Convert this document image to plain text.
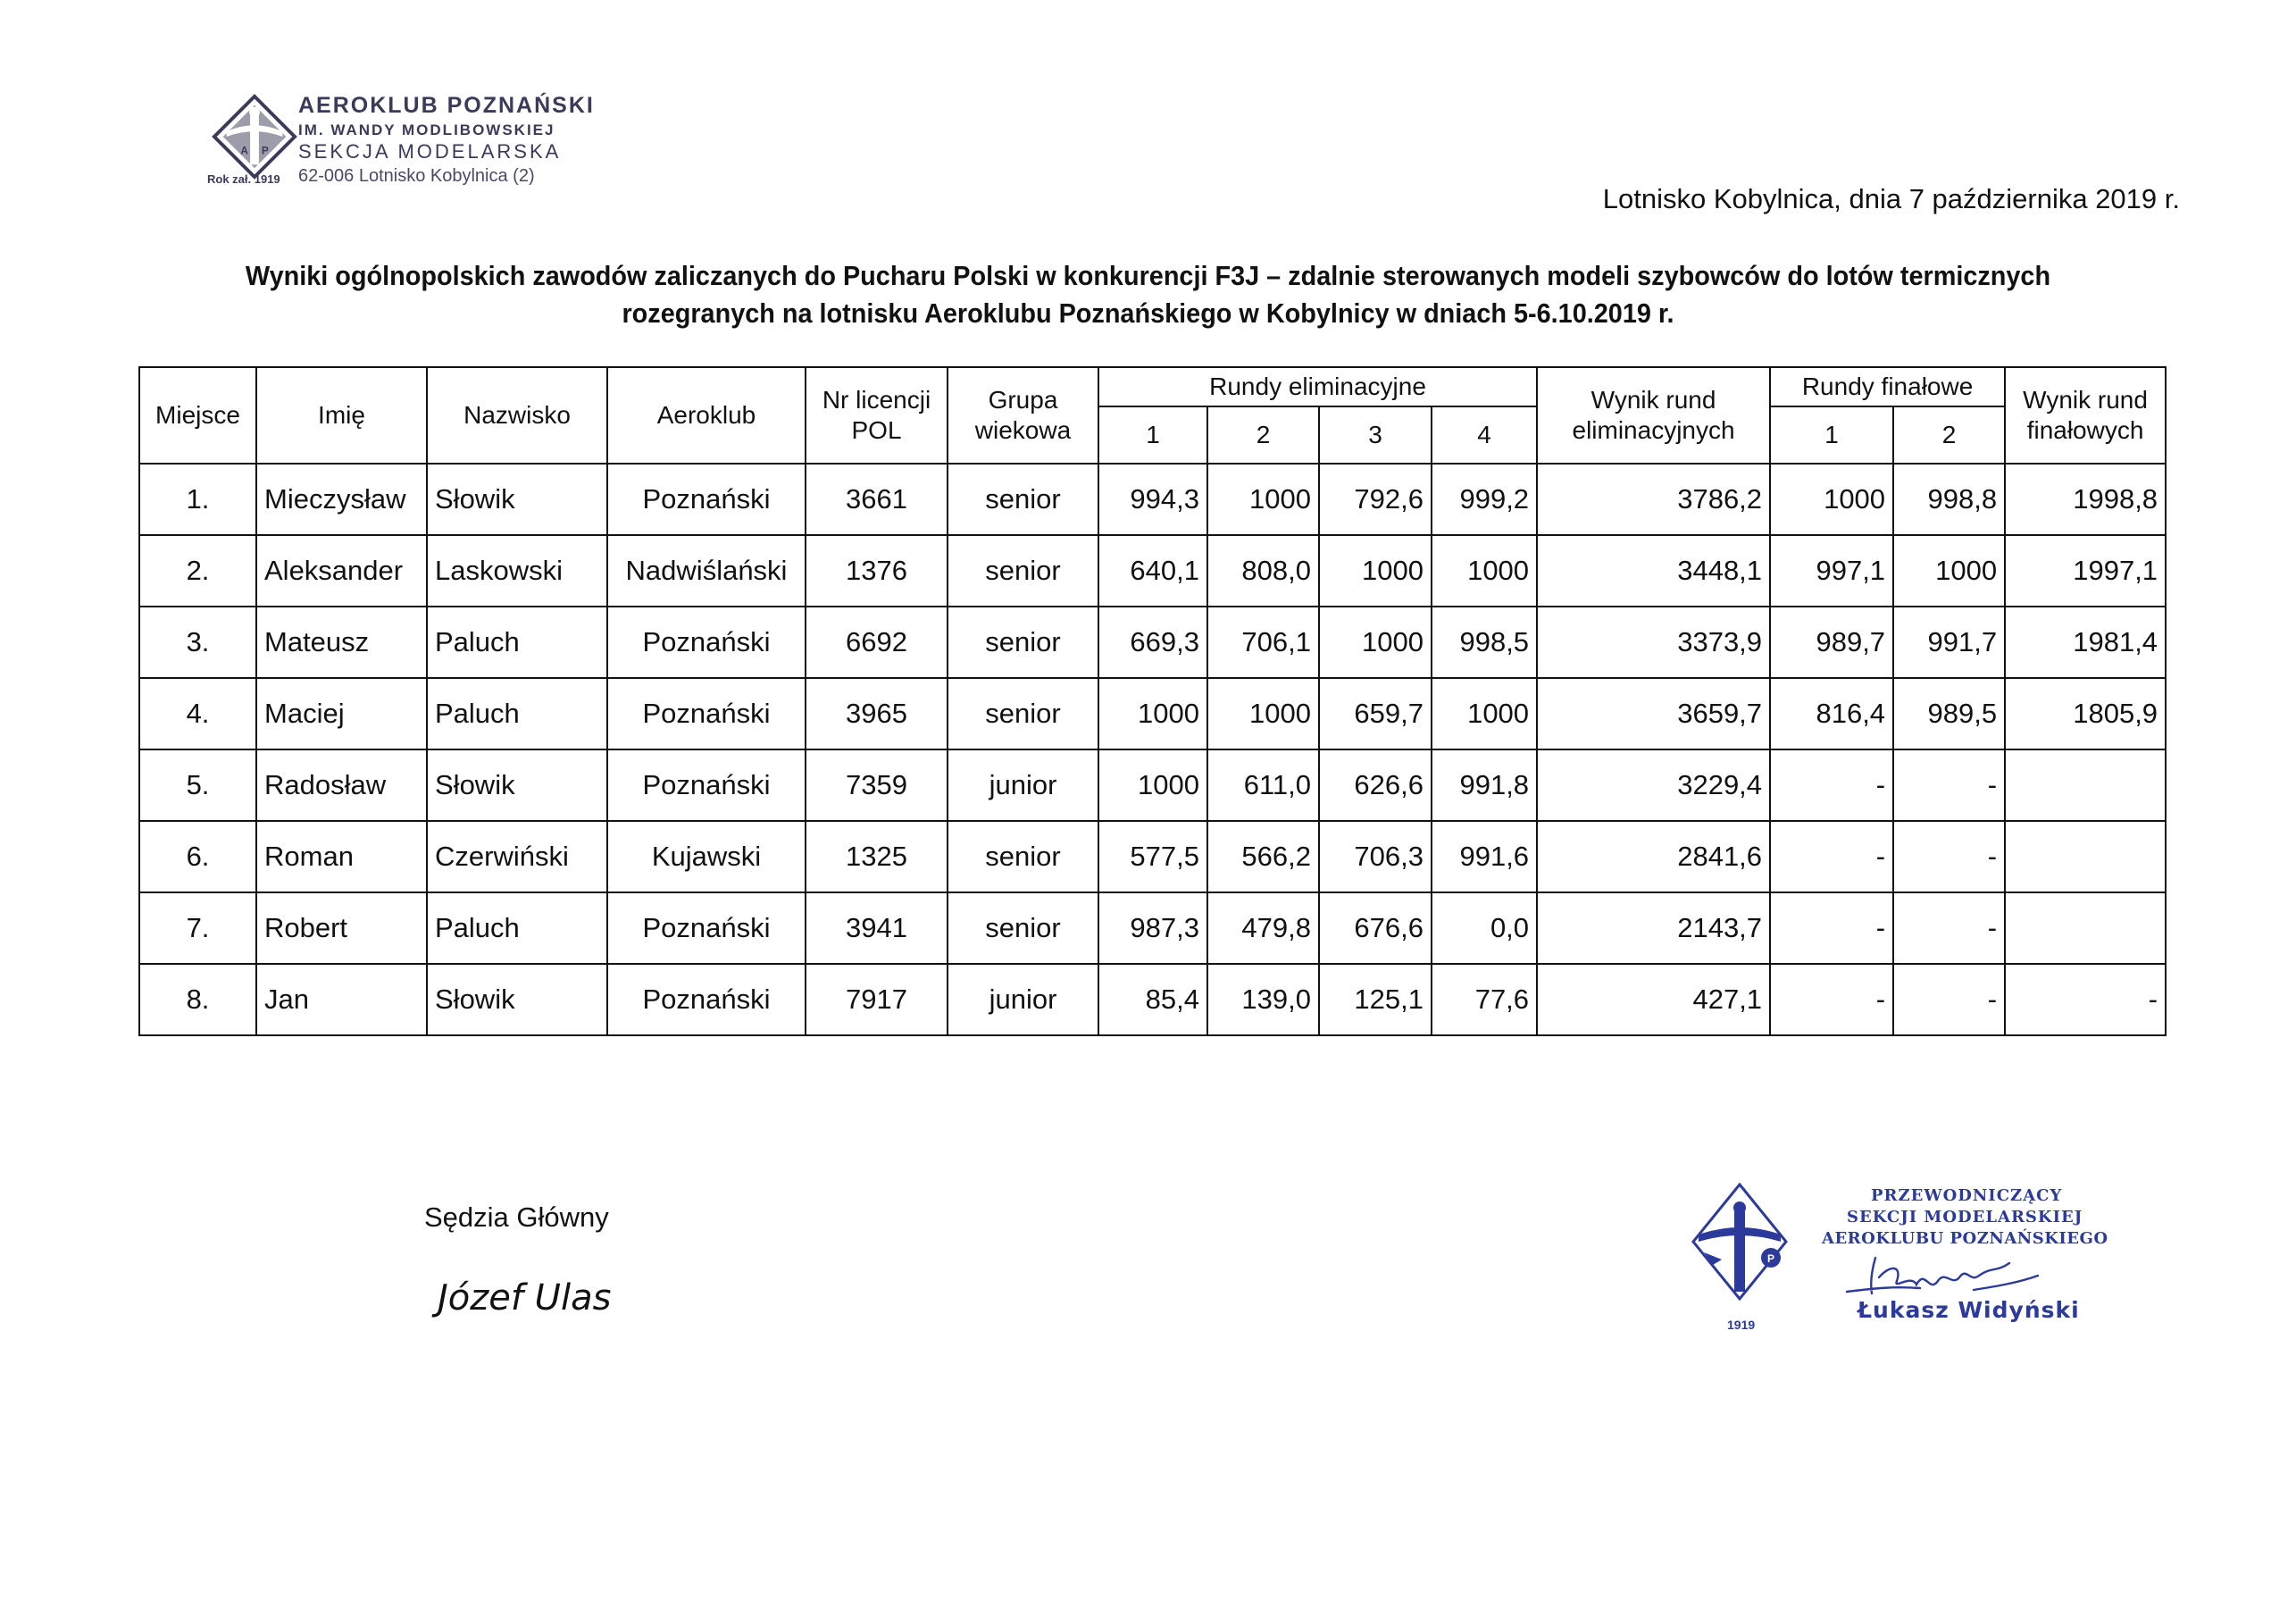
A P
AEROKLUB POZNAŃSKI
IM. WANDY MODLIBOWSKIEJ
SEKCJA MODELARSKA
Rok zał. 1919 62-006 Lotnisko Kobylnica (2)
Lotnisko Kobylnica, dnia 7 października 2019 r.
Wyniki ogólnopolskich zawodów zaliczanych do Pucharu Polski w konkurencji F3J – zdalnie sterowanych modeli szybowców do lotów termicznych
rozegranych na lotnisku Aeroklubu Poznańskiego w Kobylnicy w dniach 5-6.10.2019 r.
Miejsce	Imię	Nazwisko	Aeroklub	Nr licencji POL	Grupa wiekowa	Rundy eliminacyjne				Wynik rund eliminacyjnych	Rundy finałowe		Wynik rund finałowych
						1	2	3	4		1	2	
1.	Mieczysław	Słowik	Poznański	3661	senior	994,3	1000	792,6	999,2	3786,2	1000	998,8	1998,8
2.	Aleksander	Laskowski	Nadwiślański	1376	senior	640,1	808,0	1000	1000	3448,1	997,1	1000	1997,1
3.	Mateusz	Paluch	Poznański	6692	senior	669,3	706,1	1000	998,5	3373,9	989,7	991,7	1981,4
4.	Maciej	Paluch	Poznański	3965	senior	1000	1000	659,7	1000	3659,7	816,4	989,5	1805,9
5.	Radosław	Słowik	Poznański	7359	junior	1000	611,0	626,6	991,8	3229,4	-	-	
6.	Roman	Czerwiński	Kujawski	1325	senior	577,5	566,2	706,3	991,6	2841,6	-	-	
7.	Robert	Paluch	Poznański	3941	senior	987,3	479,8	676,6	0,0	2143,7	-	-	
8.	Jan	Słowik	Poznański	7917	junior	85,4	139,0	125,1	77,6	427,1	-	-	-
Sędzia Główny
Józef Ulas
P
1919
PRZEWODNICZĄCY
SEKCJI MODELARSKIEJ
AEROKLUBU POZNAŃSKIEGO
Łukasz Widyński
